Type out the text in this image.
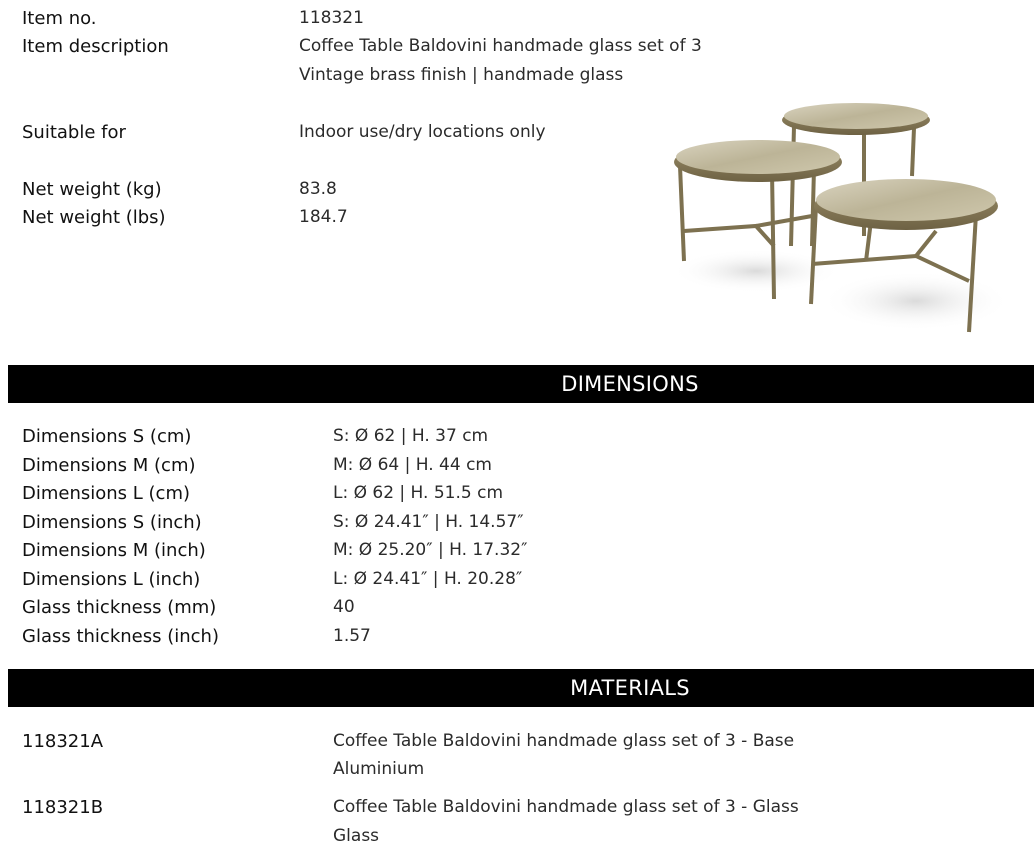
Item no.	118321
Item description	Coffee Table Baldovini handmade glass set of 3
Vintage brass finish | handmade glass
Suitable for	Indoor use/dry locations only
Net weight (kg)	83.8
Net weight (lbs)	184.7
DIMENSIONS
Dimensions S (cm)	S: Ø 62 | H. 37 cm
Dimensions M (cm)	M: Ø 64 | H. 44 cm
Dimensions L (cm)	L: Ø 62 | H. 51.5 cm
Dimensions S (inch)	S: Ø 24.41″ | H. 14.57″
Dimensions M (inch)	M: Ø 25.20″ | H. 17.32″
Dimensions L (inch)	L: Ø 24.41″ | H. 20.28″
Glass thickness (mm)	40
Glass thickness (inch)	1.57
MATERIALS
118321A	Coffee Table Baldovini handmade glass set of 3 - Base
Aluminium
118321B	Coffee Table Baldovini handmade glass set of 3 - Glass
Glass
